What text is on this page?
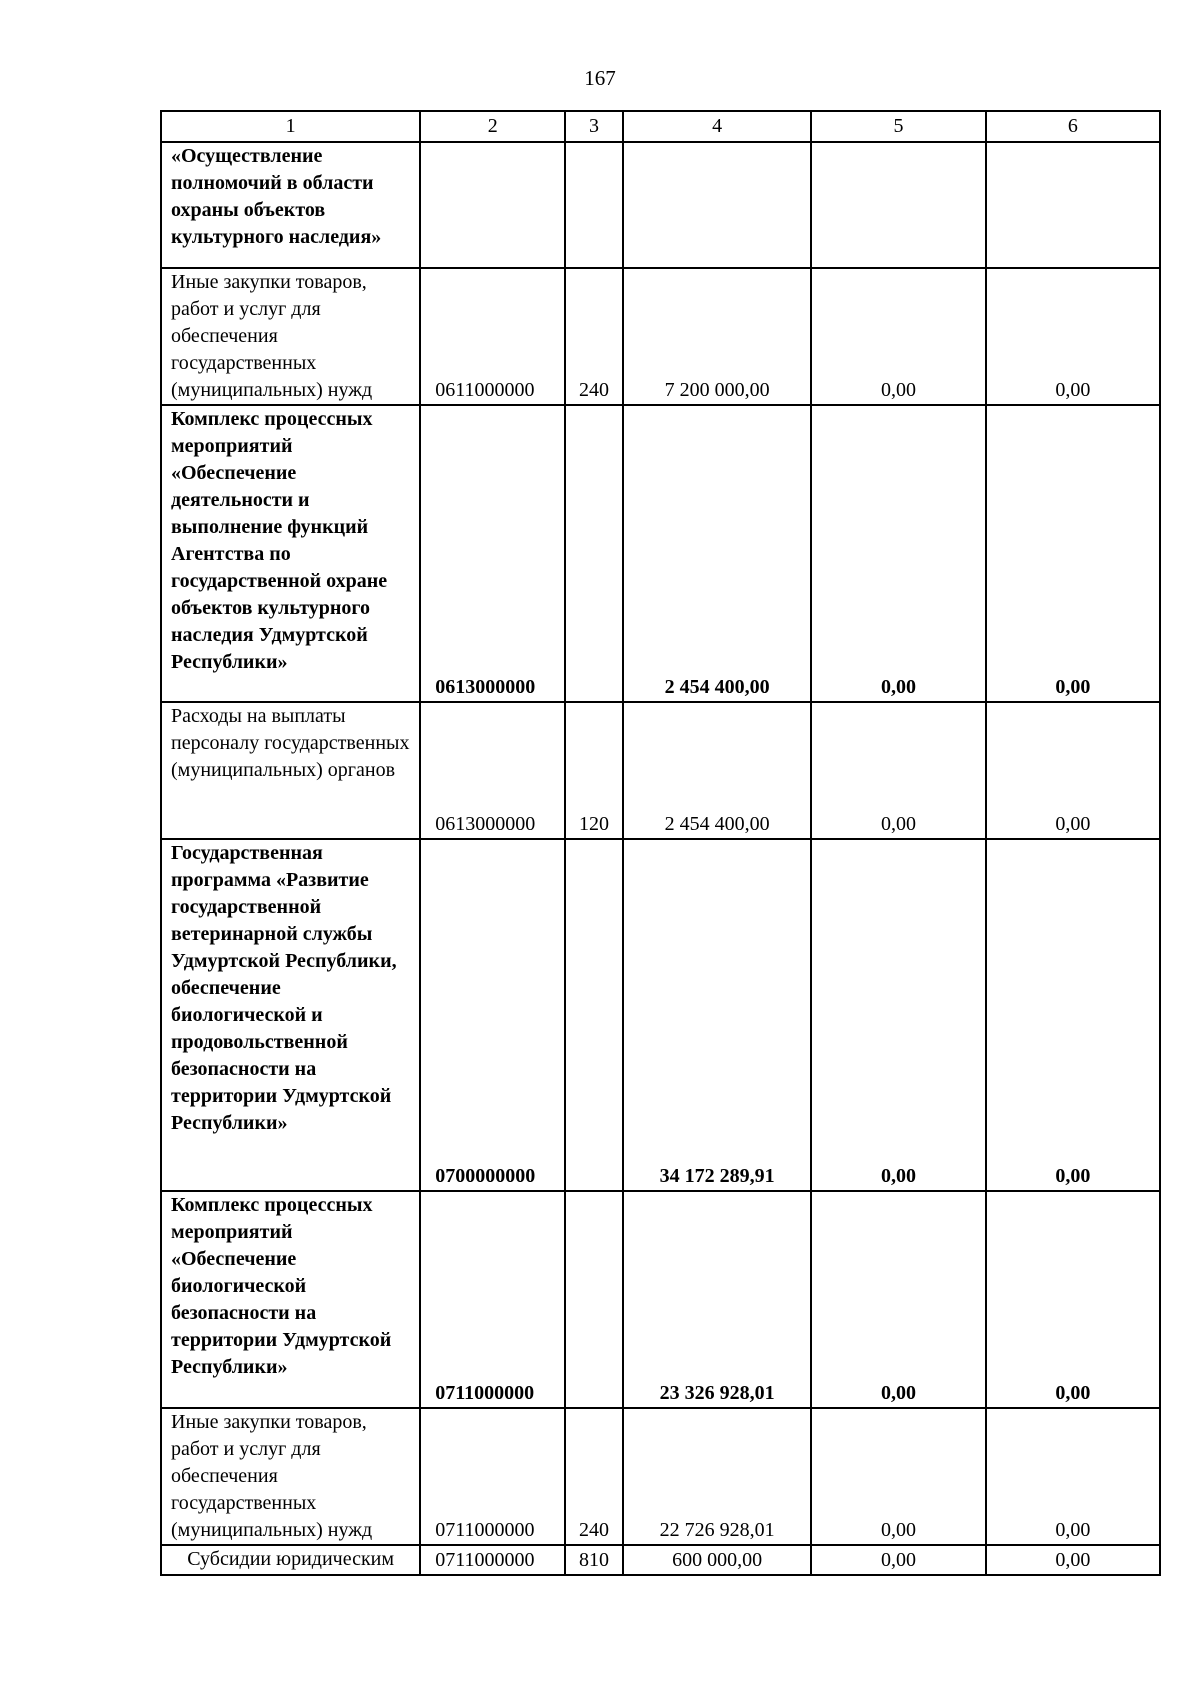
167
1	2	3	4	5	6
«Осуществление полномочий в области охраны объектов культурного наследия»					
Иные закупки товаров, работ и услуг для обеспечения государственных (муниципальных) нужд	0611000000	240	7 200 000,00	0,00	0,00
Комплекс процессных мероприятий «Обеспечение деятельности и выполнение функций Агентства по государственной охране объектов культурного наследия Удмуртской Республики»	0613000000		2 454 400,00	0,00	0,00
Расходы на выплаты персоналу государственных (муниципальных) органов	0613000000	120	2 454 400,00	0,00	0,00
Государственная программа «Развитие государственной ветеринарной службы Удмуртской Республики, обеспечение биологической и продовольственной безопасности на территории Удмуртской Республики»	0700000000		34 172 289,91	0,00	0,00
Комплекс процессных мероприятий «Обеспечение биологической безопасности на территории Удмуртской Республики»	0711000000		23 326 928,01	0,00	0,00
Иные закупки товаров, работ и услуг для обеспечения государственных (муниципальных) нужд	0711000000	240	22 726 928,01	0,00	0,00
Субсидии юридическим	0711000000	810	600 000,00	0,00	0,00
